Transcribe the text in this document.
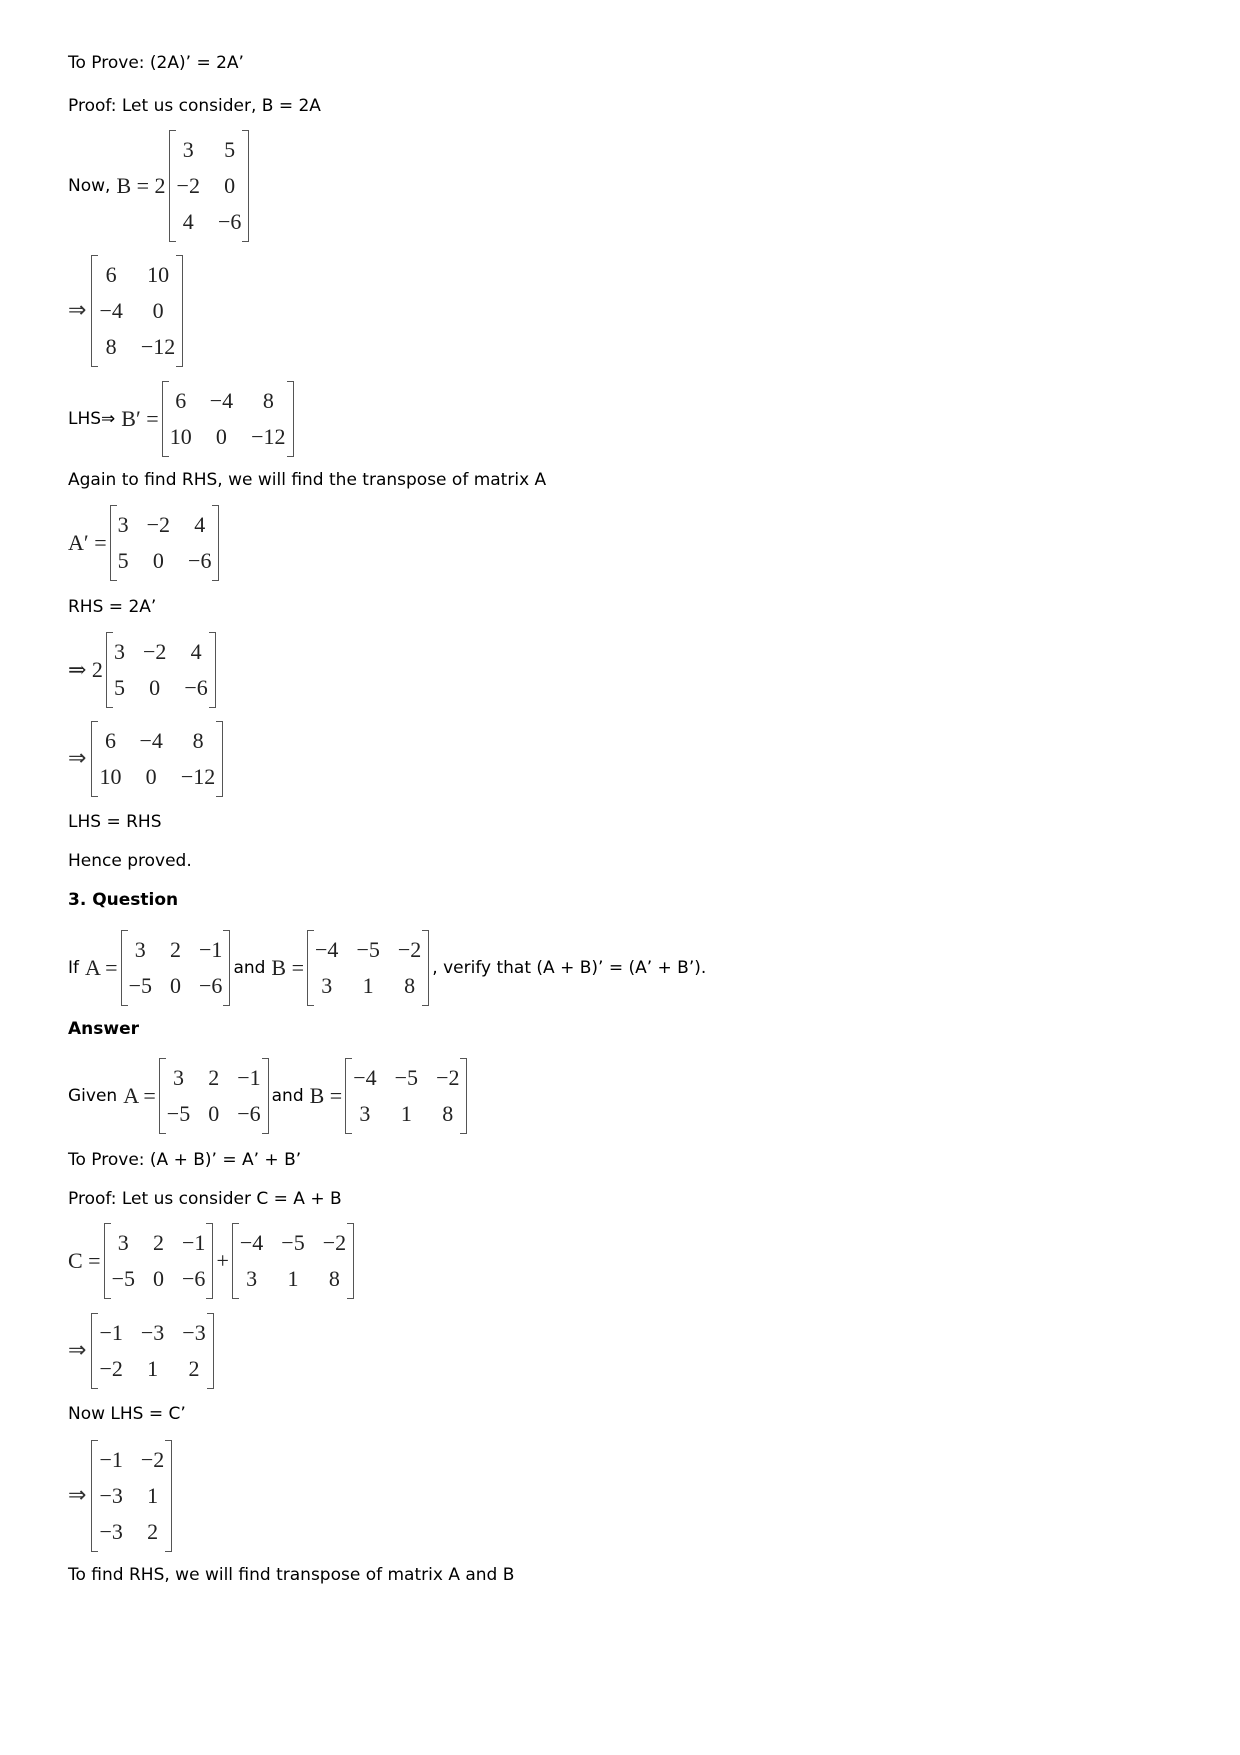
To Prove: (2A)’ = 2A’
Proof: Let us consider, B = 2A
Now, B = 2
3 5
−2 0
4 −6
⇒
6 10
−4	0
8 −12
LHS⇒ B′ =
6 −4	8
10 0 −12
Again to find RHS, we will find the transpose of matrix A
A′ =
3 −2 4
5 0 −6
RHS = 2A’
⇒ 2
3 −2 4
5 0 −6
⇒
6 −4	8
10 0 −12
LHS = RHS
Hence proved.
3. Question
If A =
3 2 −1
−5 0 −6
and B =
−4 −5 −2
3 1 8
, verify that (A + B)’ = (A’ + B’).
Answer
Given A =
3 2 −1
−5 0 −6
and B =
−4 −5 −2
3 1 8
To Prove: (A + B)’ = A’ + B’
Proof: Let us consider C = A + B
C =
3 2 −1
−5 0 −6
+
−4 −5 −2
3 1 8
⇒
−1 −3 −3
−2 1 2
Now LHS = C’
⇒
−1 −2
−3 1
−3 2
To find RHS, we will find transpose of matrix A and B
